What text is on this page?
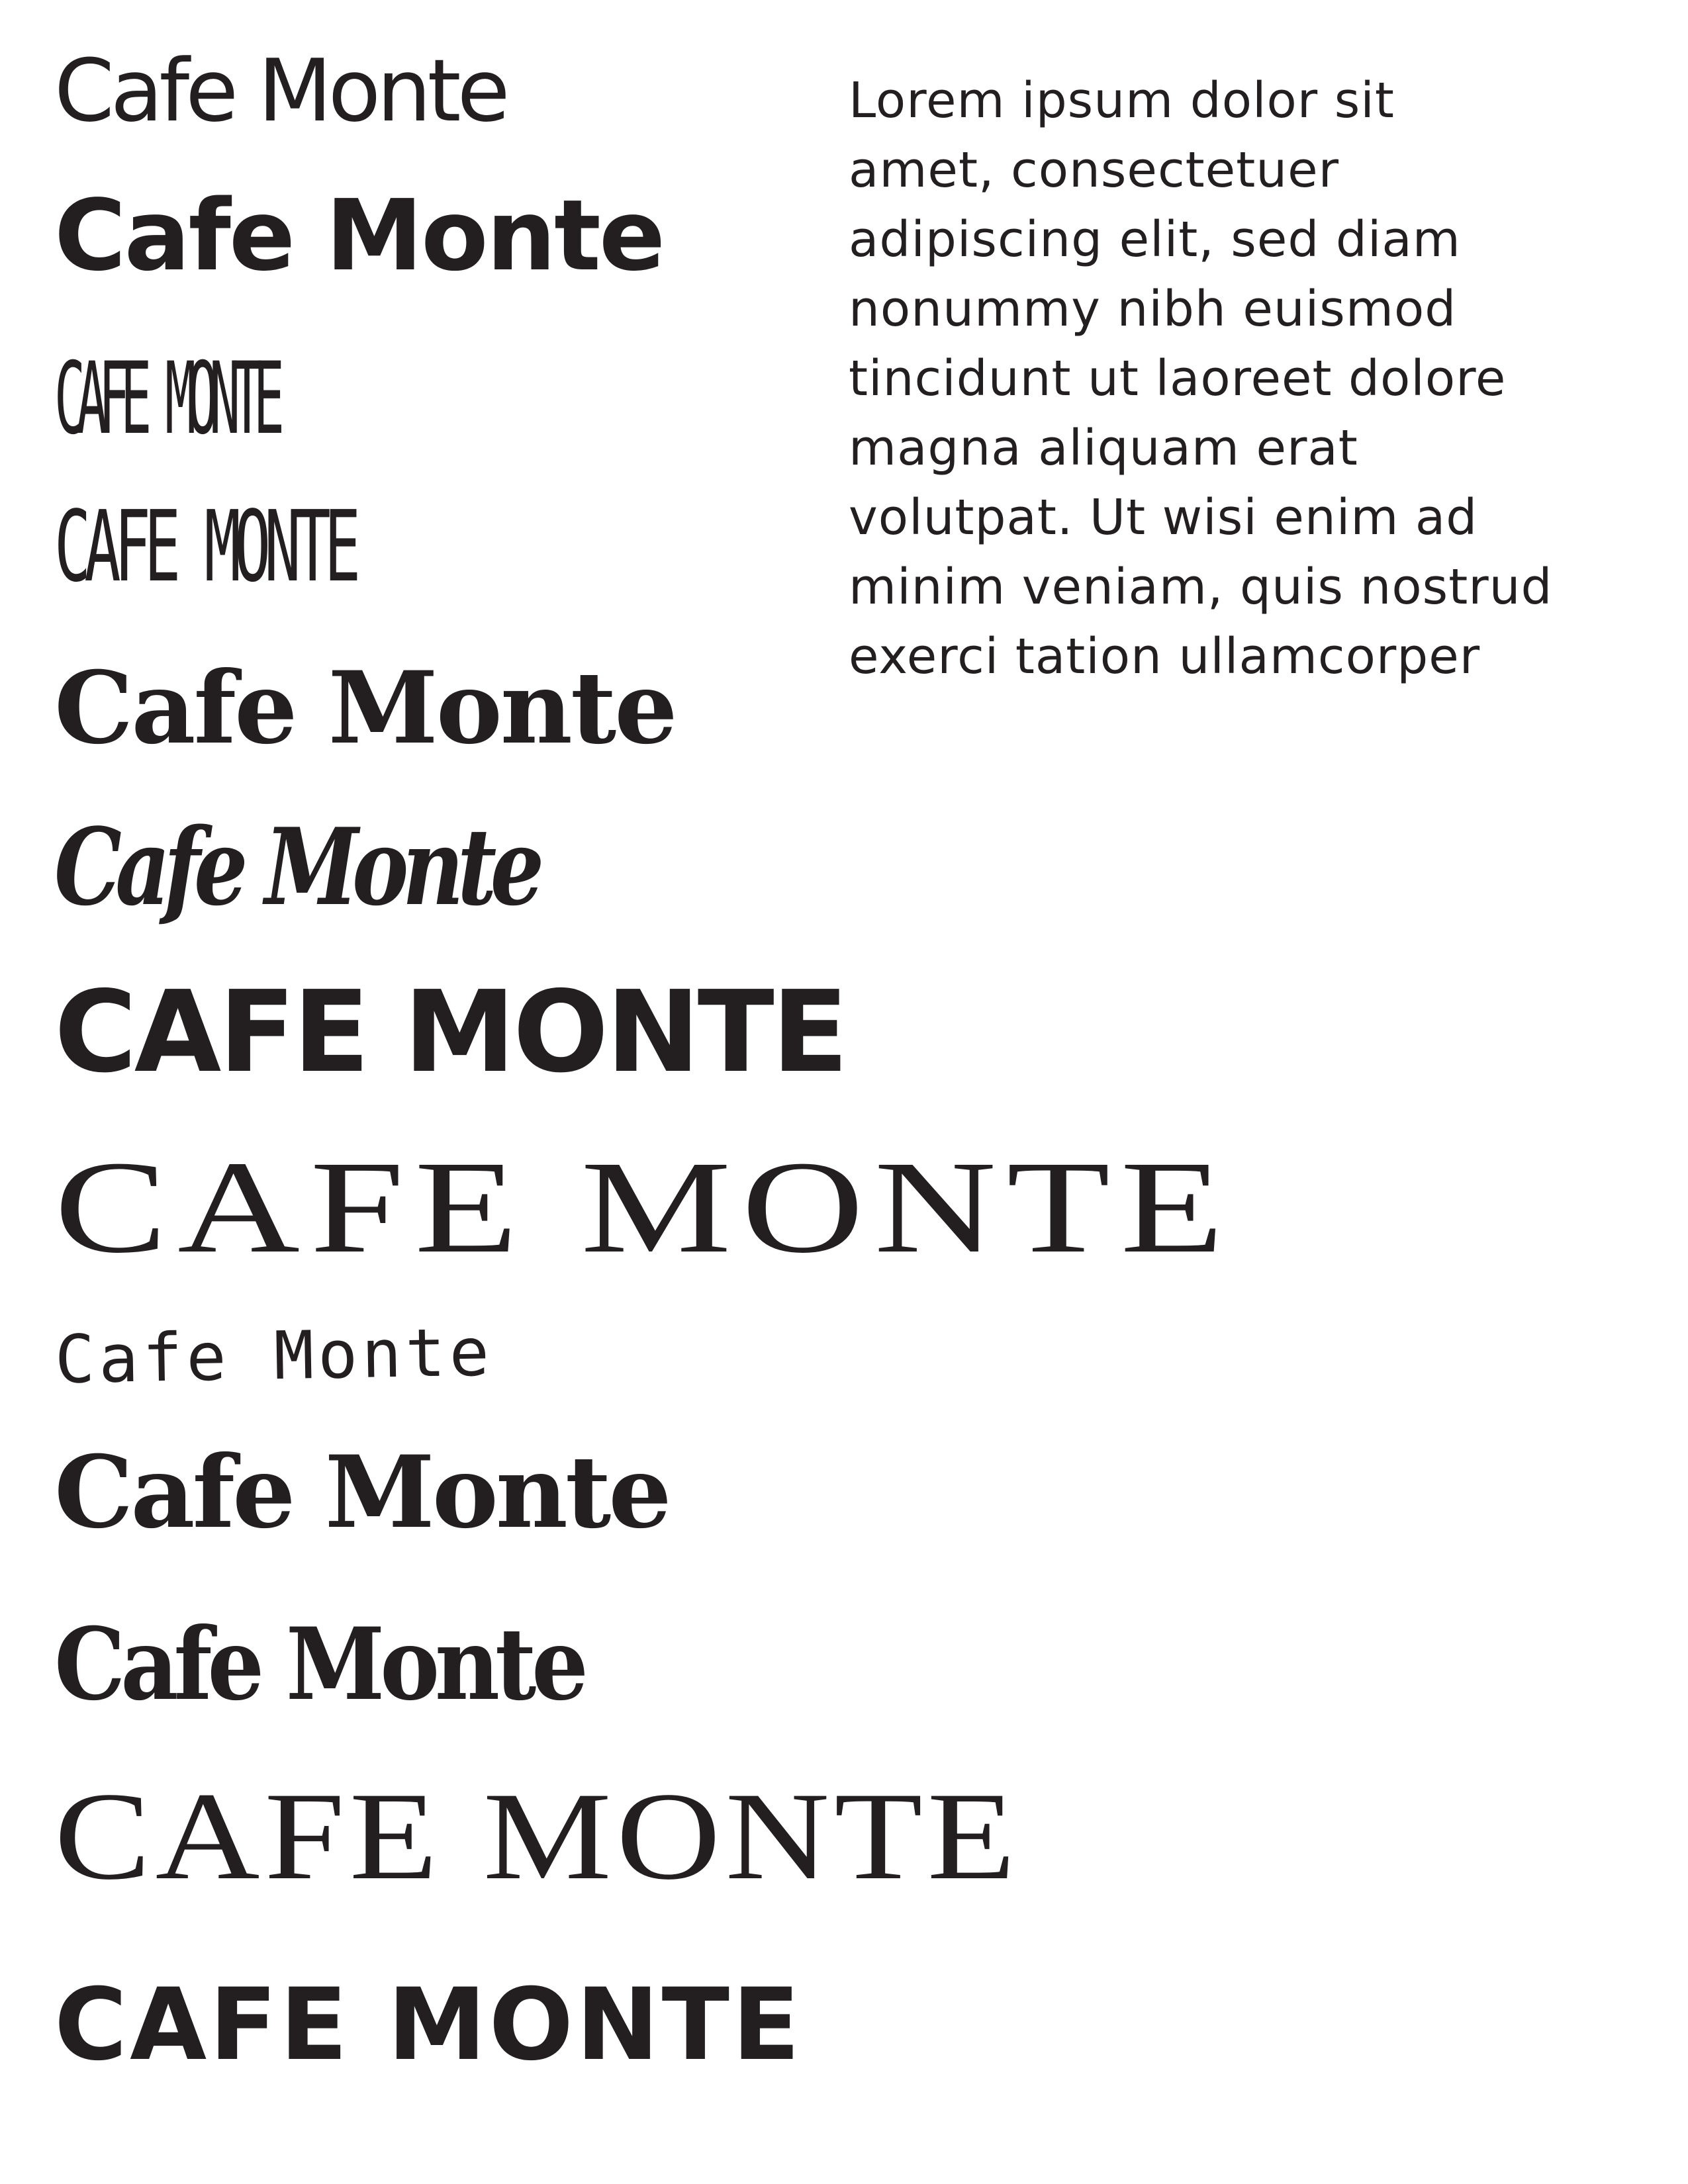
Cafe Monte

Cafe Monte

CAFE MONTE

CAFE MONTE

Cafe Monte

Cafe Monte

CAFE MONTE

CAFE MONTE

Cafe Monte

Cafe Monte

Cafe Monte

CAFE MONTE

CAFE MONTE

Lorem ipsum dolor sit
amet, consectetuer
adipiscing elit, sed diam
nonummy nibh euismod
tincidunt ut laoreet dolore
magna aliquam erat
volutpat. Ut wisi enim ad
minim veniam, quis nostrud
exerci tation ullamcorper
